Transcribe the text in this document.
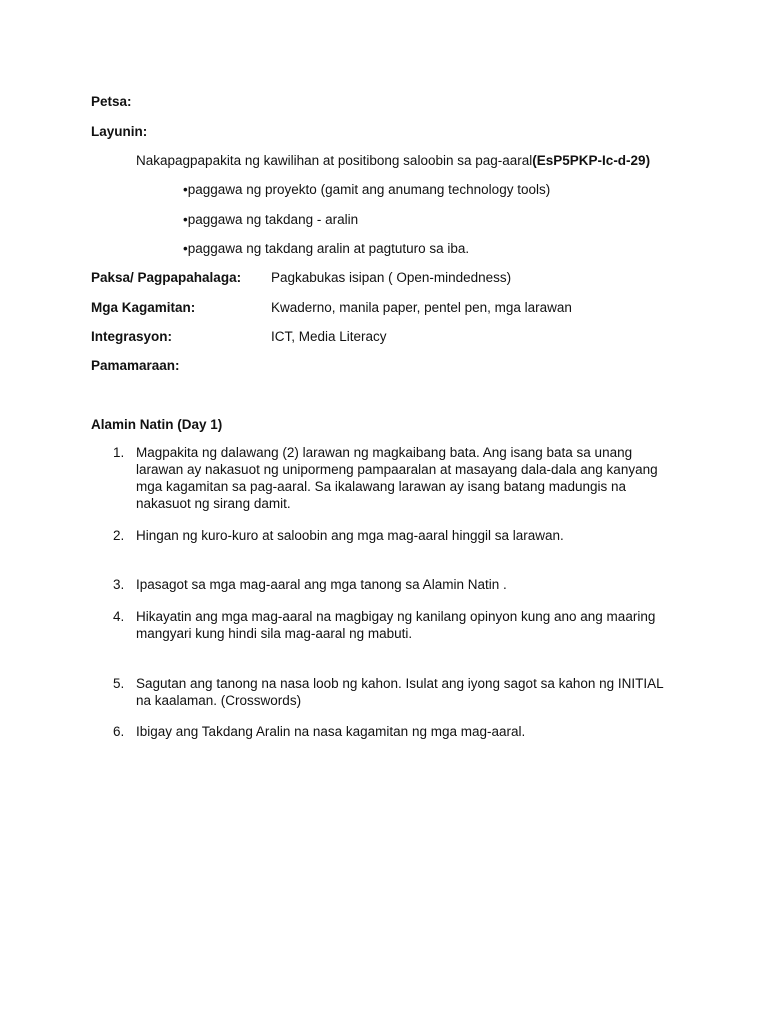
Petsa:
Layunin:
Nakapagpapakita ng kawilihan at positibong saloobin sa pag-aaral(EsP5PKP-Ic-d-29)
•paggawa ng proyekto (gamit ang anumang technology tools)
•paggawa ng takdang - aralin
•paggawa ng takdang aralin at pagtuturo sa iba.
Paksa/ Pagpapahalaga: Pagkabukas isipan ( Open-mindedness)
Mga Kagamitan:	Kwaderno, manila paper, pentel pen, mga larawan
Integrasyon:	ICT, Media Literacy
Pamamaraan:
Alamin Natin (Day 1)
1. Magpakita ng dalawang (2) larawan ng magkaibang bata. Ang isang bata sa unang larawan ay nakasuot ng unipormeng pampaaralan at masayang dala-dala ang kanyang mga kagamitan sa pag-aaral. Sa ikalawang larawan ay isang batang madungis na nakasuot ng sirang damit.
2. Hingan ng kuro-kuro at saloobin ang mga mag-aaral hinggil sa larawan.
3. Ipasagot sa mga mag-aaral ang mga tanong sa Alamin Natin .
4. Hikayatin ang mga mag-aaral na magbigay ng kanilang opinyon kung ano ang maaring mangyari kung hindi sila mag-aaral ng mabuti.
5. Sagutan ang tanong na nasa loob ng kahon. Isulat ang iyong sagot sa kahon ng INITIAL na kaalaman. (Crosswords)
6. Ibigay ang Takdang Aralin na nasa kagamitan ng mga mag-aaral.
